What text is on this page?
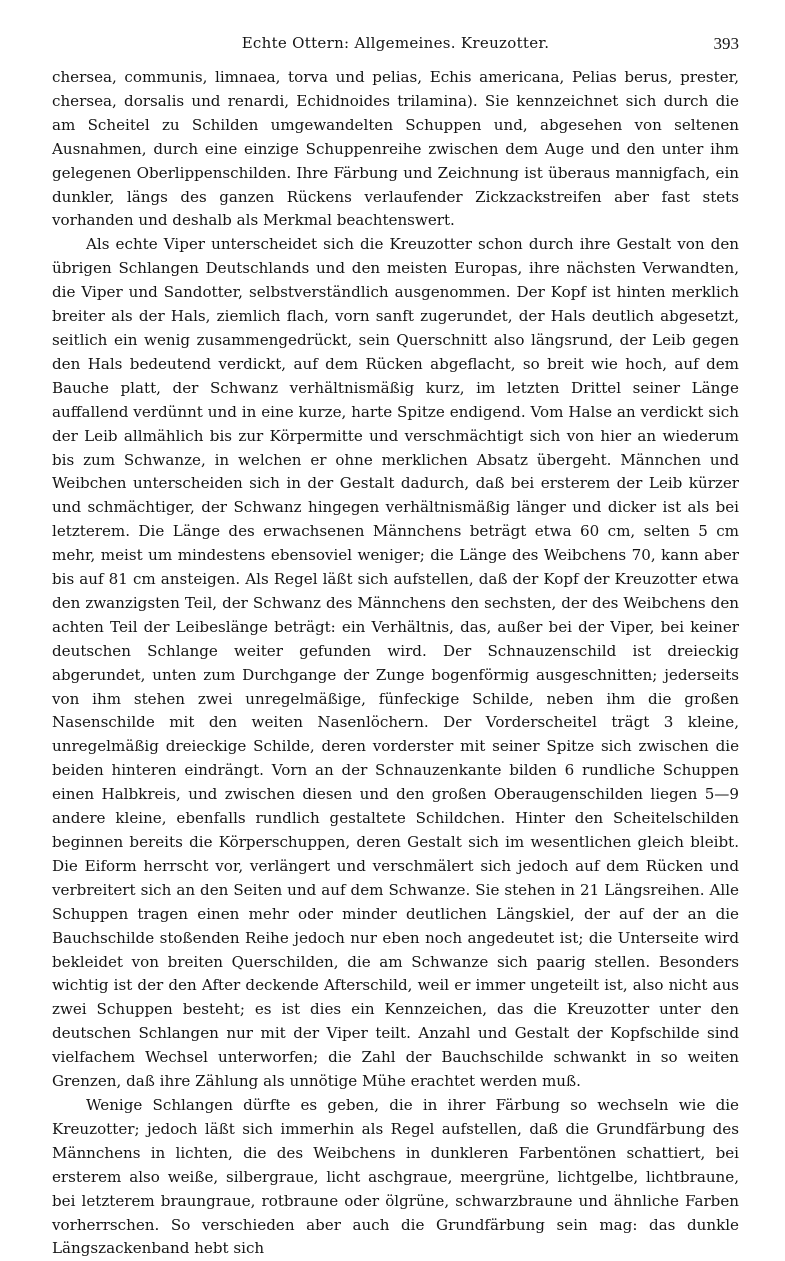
Echte Ottern: Allgemeines. Kreuzotter.	393

chersea, communis, limnaea, torva und pelias, Echis americana, Pelias berus, prester, chersea, dorsalis und renardi, Echidnoides trilamina). Sie kennzeichnet sich durch die am Scheitel zu Schilden umgewandelten Schuppen und, abgesehen von seltenen Ausnahmen, durch eine einzige Schuppenreihe zwischen dem Auge und den unter ihm gelegenen Oberlippenschilden. Ihre Färbung und Zeichnung ist überaus mannigfach, ein dunkler, längs des ganzen Rückens verlaufender Zickzackstreifen aber fast stets vorhanden und deshalb als Merkmal beachtenswert.

Als echte Viper unterscheidet sich die Kreuzotter schon durch ihre Gestalt von den übrigen Schlangen Deutschlands und den meisten Europas, ihre nächsten Verwandten, die Viper und Sandotter, selbstverständlich ausgenommen. Der Kopf ist hinten merklich breiter als der Hals, ziemlich flach, vorn sanft zugerundet, der Hals deutlich abgesetzt, seitlich ein wenig zusammengedrückt, sein Querschnitt also längsrund, der Leib gegen den Hals bedeutend verdickt, auf dem Rücken abgeflacht, so breit wie hoch, auf dem Bauche platt, der Schwanz verhältnismäßig kurz, im letzten Drittel seiner Länge auffallend verdünnt und in eine kurze, harte Spitze endigend. Vom Halse an verdickt sich der Leib allmählich bis zur Körpermitte und verschmächtigt sich von hier an wiederum bis zum Schwanze, in welchen er ohne merklichen Absatz übergeht. Männchen und Weibchen unterscheiden sich in der Gestalt dadurch, daß bei ersterem der Leib kürzer und schmächtiger, der Schwanz hingegen verhältnismäßig länger und dicker ist als bei letzterem. Die Länge des erwachsenen Männchens beträgt etwa 60 cm, selten 5 cm mehr, meist um mindestens ebensoviel weniger; die Länge des Weibchens 70, kann aber bis auf 81 cm ansteigen. Als Regel läßt sich aufstellen, daß der Kopf der Kreuzotter etwa den zwanzigsten Teil, der Schwanz des Männchens den sechsten, der des Weibchens den achten Teil der Leibeslänge beträgt: ein Verhältnis, das, außer bei der Viper, bei keiner deutschen Schlange weiter gefunden wird. Der Schnauzenschild ist dreieckig abgerundet, unten zum Durchgange der Zunge bogenförmig ausgeschnitten; jederseits von ihm stehen zwei unregelmäßige, fünfeckige Schilde, neben ihm die großen Nasenschilde mit den weiten Nasenlöchern. Der Vorderscheitel trägt 3 kleine, unregelmäßig dreieckige Schilde, deren vorderster mit seiner Spitze sich zwischen die beiden hinteren eindrängt. Vorn an der Schnauzenkante bilden 6 rundliche Schuppen einen Halbkreis, und zwischen diesen und den großen Oberaugenschilden liegen 5—9 andere kleine, ebenfalls rundlich gestaltete Schildchen. Hinter den Scheitelschilden beginnen bereits die Körperschuppen, deren Gestalt sich im wesentlichen gleich bleibt. Die Eiform herrscht vor, verlängert und verschmälert sich jedoch auf dem Rücken und verbreitert sich an den Seiten und auf dem Schwanze. Sie stehen in 21 Längsreihen. Alle Schuppen tragen einen mehr oder minder deutlichen Längskiel, der auf der an die Bauchschilde stoßenden Reihe jedoch nur eben noch angedeutet ist; die Unterseite wird bekleidet von breiten Querschilden, die am Schwanze sich paarig stellen. Besonders wichtig ist der den After deckende Afterschild, weil er immer ungeteilt ist, also nicht aus zwei Schuppen besteht; es ist dies ein Kennzeichen, das die Kreuzotter unter den deutschen Schlangen nur mit der Viper teilt. Anzahl und Gestalt der Kopfschilde sind vielfachem Wechsel unterworfen; die Zahl der Bauchschilde schwankt in so weiten Grenzen, daß ihre Zählung als unnötige Mühe erachtet werden muß.

Wenige Schlangen dürfte es geben, die in ihrer Färbung so wechseln wie die Kreuzotter; jedoch läßt sich immerhin als Regel aufstellen, daß die Grundfärbung des Männchens in lichten, die des Weibchens in dunkleren Farbentönen schattiert, bei ersterem also weiße, silbergraue, licht aschgraue, meergrüne, lichtgelbe, lichtbraune, bei letzterem braungraue, rotbraune oder ölgrüne, schwarzbraune und ähnliche Farben vorherrschen. So verschieden aber auch die Grundfärbung sein mag: das dunkle Längszackenband hebt sich
